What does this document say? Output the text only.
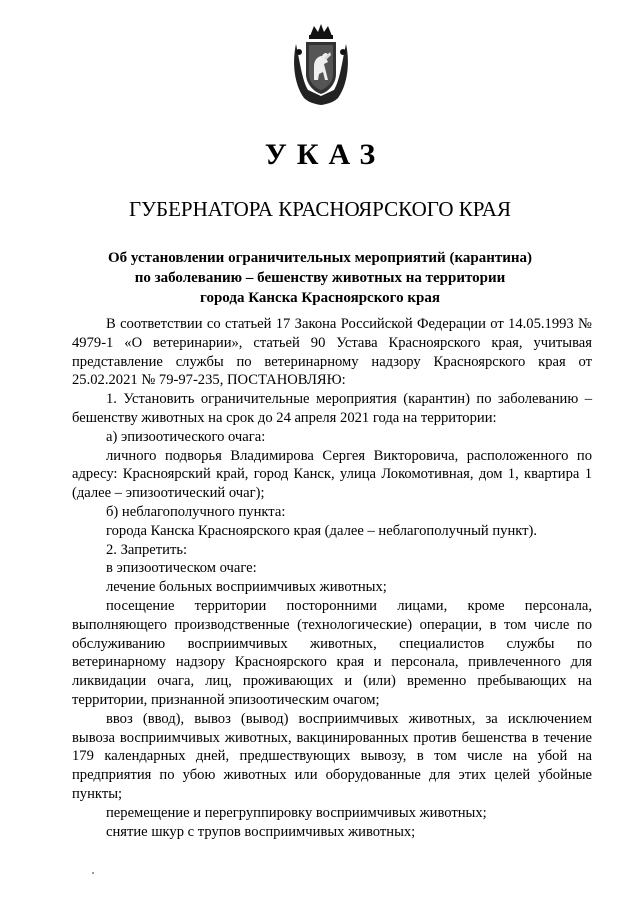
УКАЗ
ГУБЕРНАТОРА КРАСНОЯРСКОГО КРАЯ
Об установлении ограничительных мероприятий (карантина)
по заболеванию – бешенству животных на территории
города Канска Красноярского края

В соответствии со статьей 17 Закона Российской Федерации от 14.05.1993 № 4979-1 «О ветеринарии», статьей 90 Устава Красноярского края, учитывая представление службы по ветеринарному надзору Красноярского края от 25.02.2021 № 79-97-235, ПОСТАНОВЛЯЮ:

1. Установить ограничительные мероприятия (карантин) по заболеванию – бешенству животных на срок до 24 апреля 2021 года на территории:

а) эпизоотического очага:

личного подворья Владимирова Сергея Викторовича, расположенного по адресу: Красноярский край, город Канск, улица Локомотивная, дом 1, квартира 1 (далее – эпизоотический очаг);

б) неблагополучного пункта:

города Канска Красноярского края (далее – неблагополучный пункт).

2. Запретить:

в эпизоотическом очаге:

лечение больных восприимчивых животных;

посещение территории посторонними лицами, кроме персонала, выполняющего производственные (технологические) операции, в том числе по обслуживанию восприимчивых животных, специалистов службы по ветеринарному надзору Красноярского края и персонала, привлеченного для ликвидации очага, лиц, проживающих и (или) временно пребывающих на территории, признанной эпизоотическим очагом;

ввоз (ввод), вывоз (вывод) восприимчивых животных, за исключением вывоза восприимчивых животных, вакцинированных против бешенства в течение 179 календарных дней, предшествующих вывозу, в том числе на убой на предприятия по убою животных или оборудованные для этих целей убойные пункты;

перемещение и перегруппировку восприимчивых животных;

снятие шкур с трупов восприимчивых животных;
